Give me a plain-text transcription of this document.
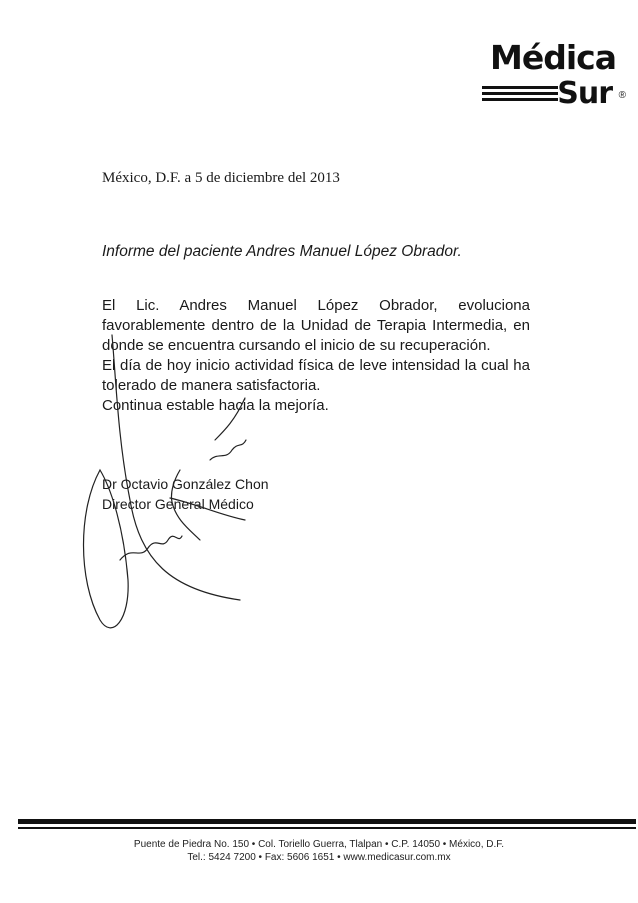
Médica
Sur ®
México, D.F. a 5 de diciembre del 2013
Informe del paciente Andres Manuel López Obrador.

El Lic. Andres Manuel López Obrador, evoluciona favorablemente dentro de la Unidad de Terapia Intermedia, en donde se encuentra cursando el inicio de su recuperación.

El día de hoy inicio actividad física de leve intensidad la cual ha tolerado de manera satisfactoria.

Continua estable hacia la mejoría.

Dr Octavio González Chon
Director General Médico
Puente de Piedra No. 150 • Col. Toriello Guerra, Tlalpan • C.P. 14050 • México, D.F.
Tel.: 5424 7200 • Fax: 5606 1651 • www.medicasur.com.mx
